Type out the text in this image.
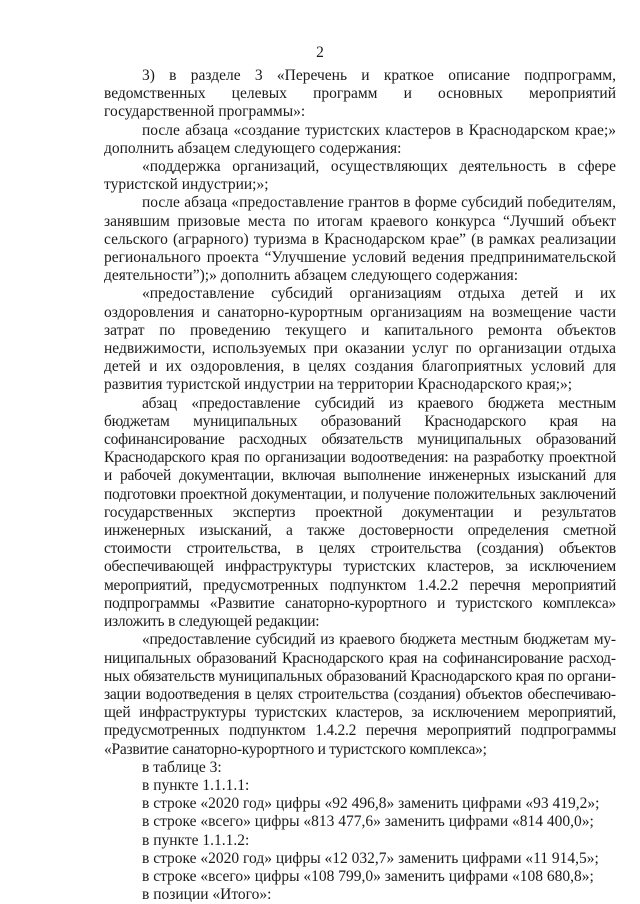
2

3) в разделе 3 «Перечень и краткое описание подпрограмм, ведомственных целевых программ и основных мероприятий государственной программы»:

после абзаца «создание туристских кластеров в Краснодарском крае;» дополнить абзацем следующего содержания:

«поддержка организаций, осуществляющих деятельность в сфере туристской индустрии;»;

после абзаца «предоставление грантов в форме субсидий победителям, занявшим призовые места по итогам краевого конкурса “Лучший объект сельского (аграрного) туризма в Краснодарском крае” (в рамках реализации регионального проекта “Улучшение условий ведения предпринимательской деятельности”);» дополнить абзацем следующего содержания:

«предоставление субсидий организациям отдыха детей и их оздоровления и санаторно-курортным организациям на возмещение части затрат по проведению текущего и капитального ремонта объектов недвижимости, используемых при оказании услуг по организации отдыха детей и их оздоровления, в целях создания благоприятных условий для развития туристской индустрии на территории Краснодарского края;»;

абзац «предоставление субсидий из краевого бюджета местным бюджетам муниципальных образований Краснодарского края на софинансирование расходных обязательств муниципальных образований Краснодарского края по организации водоотведения: на разработку проектной и рабочей документации, включая выполнение инженерных изысканий для подготовки проектной документации, и получение положительных заключений государственных экспертиз проектной документации и результатов инженерных изысканий, а также достоверности определения сметной стоимости строительства, в целях строительства (создания) объектов обеспечивающей инфраструктуры туристских кластеров, за исключением мероприятий, предусмотренных подпунктом 1.4.2.2 перечня мероприятий подпрограммы «Развитие санаторно-курортного и туристского комплекса» изложить в следующей редакции:

«предоставление субсидий из краевого бюджета местным бюджетам муниципальных образований Краснодарского края на софинансирование расходных обязательств муниципальных образований Краснодарского края по организации водоотведения в целях строительства (создания) объектов обеспечивающей инфраструктуры туристских кластеров, за исключением мероприятий, предусмотренных подпунктом 1.4.2.2 перечня мероприятий подпрограммы «Развитие санаторно-курортного и туристского комплекса»;

в таблице 3:

в пункте 1.1.1.1:

в строке «2020 год» цифры «92 496,8» заменить цифрами «93 419,2»;

в строке «всего» цифры «813 477,6» заменить цифрами «814 400,0»;

в пункте 1.1.1.2:

в строке «2020 год» цифры «12 032,7» заменить цифрами «11 914,5»;

в строке «всего» цифры «108 799,0» заменить цифрами «108 680,8»;

в позиции «Итого»:
